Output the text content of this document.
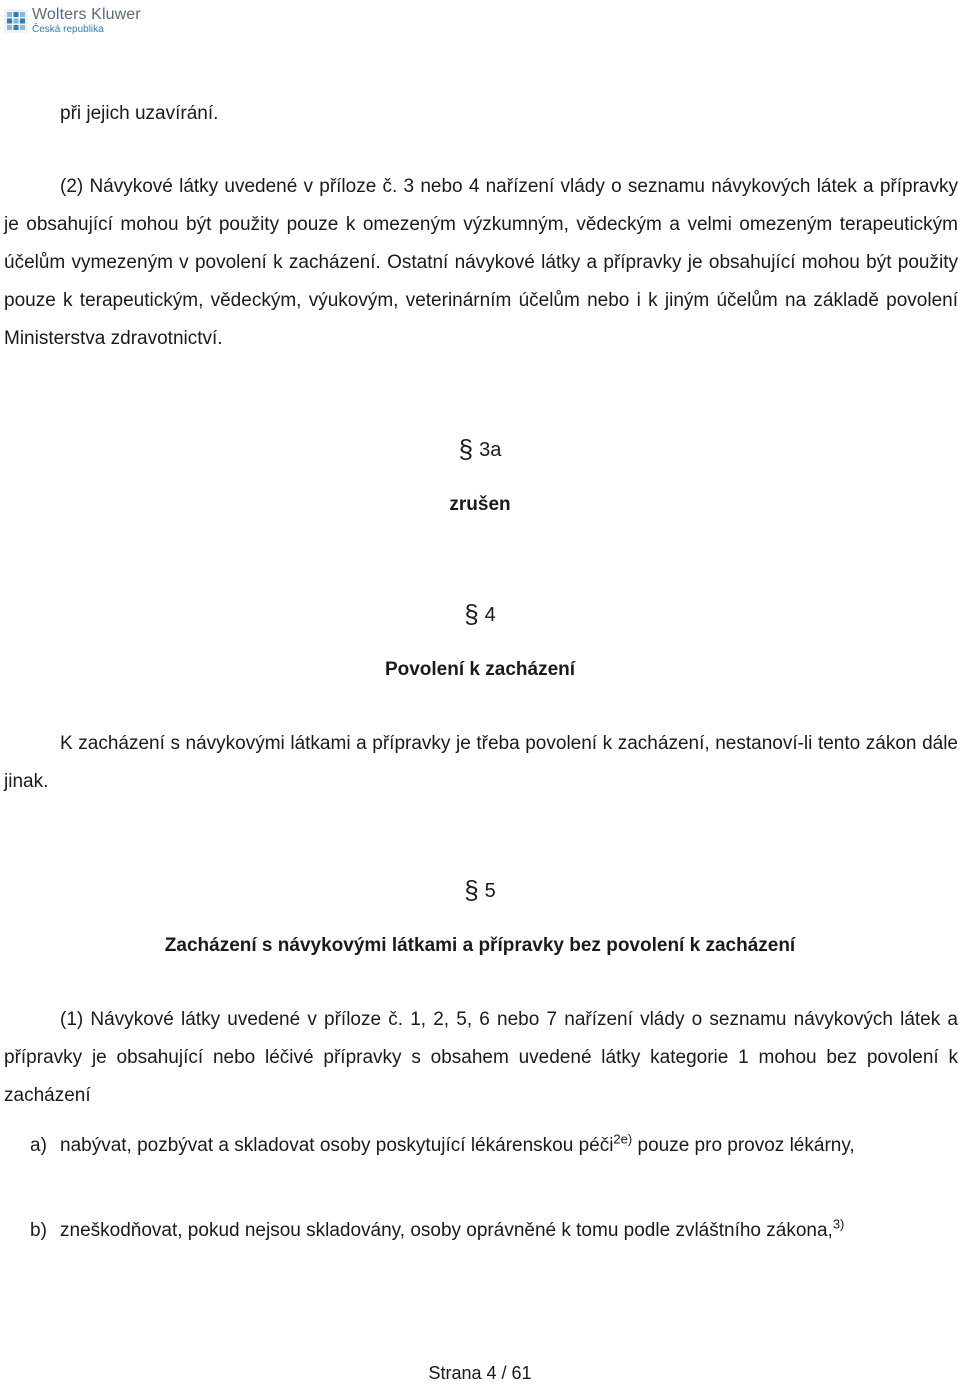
Wolters Kluwer
Česká republika

při jejich uzavírání.

(2) Návykové látky uvedené v příloze č. 3 nebo 4 nařízení vlády o seznamu návykových látek a přípravky je obsahující mohou být použity pouze k omezeným výzkumným, vědeckým a velmi omezeným terapeutickým účelům vymezeným v povolení k zacházení. Ostatní návykové látky a přípravky je obsahující mohou být použity pouze k terapeutickým, vědeckým, výukovým, veterinárním účelům nebo i k jiným účelům na základě povolení Ministerstva zdravotnictví.

§ 3a

zrušen

§ 4

Povolení k zacházení

K zacházení s návykovými látkami a přípravky je třeba povolení k zacházení, nestanoví-li tento zákon dále jinak.

§ 5

Zacházení s návykovými látkami a přípravky bez povolení k zacházení

(1) Návykové látky uvedené v příloze č. 1, 2, 5, 6 nebo 7 nařízení vlády o seznamu návykových látek a přípravky je obsahující nebo léčivé přípravky s obsahem uvedené látky kategorie 1 mohou bez povolení k zacházení

a) nabývat, pozbývat a skladovat osoby poskytující lékárenskou péči$^{2e)}$ pouze pro provoz lékárny,
b) zneškodňovat, pokud nejsou skladovány, osoby oprávněné k tomu podle zvláštního zákona,$^{3)}$
Strana 4 / 61
